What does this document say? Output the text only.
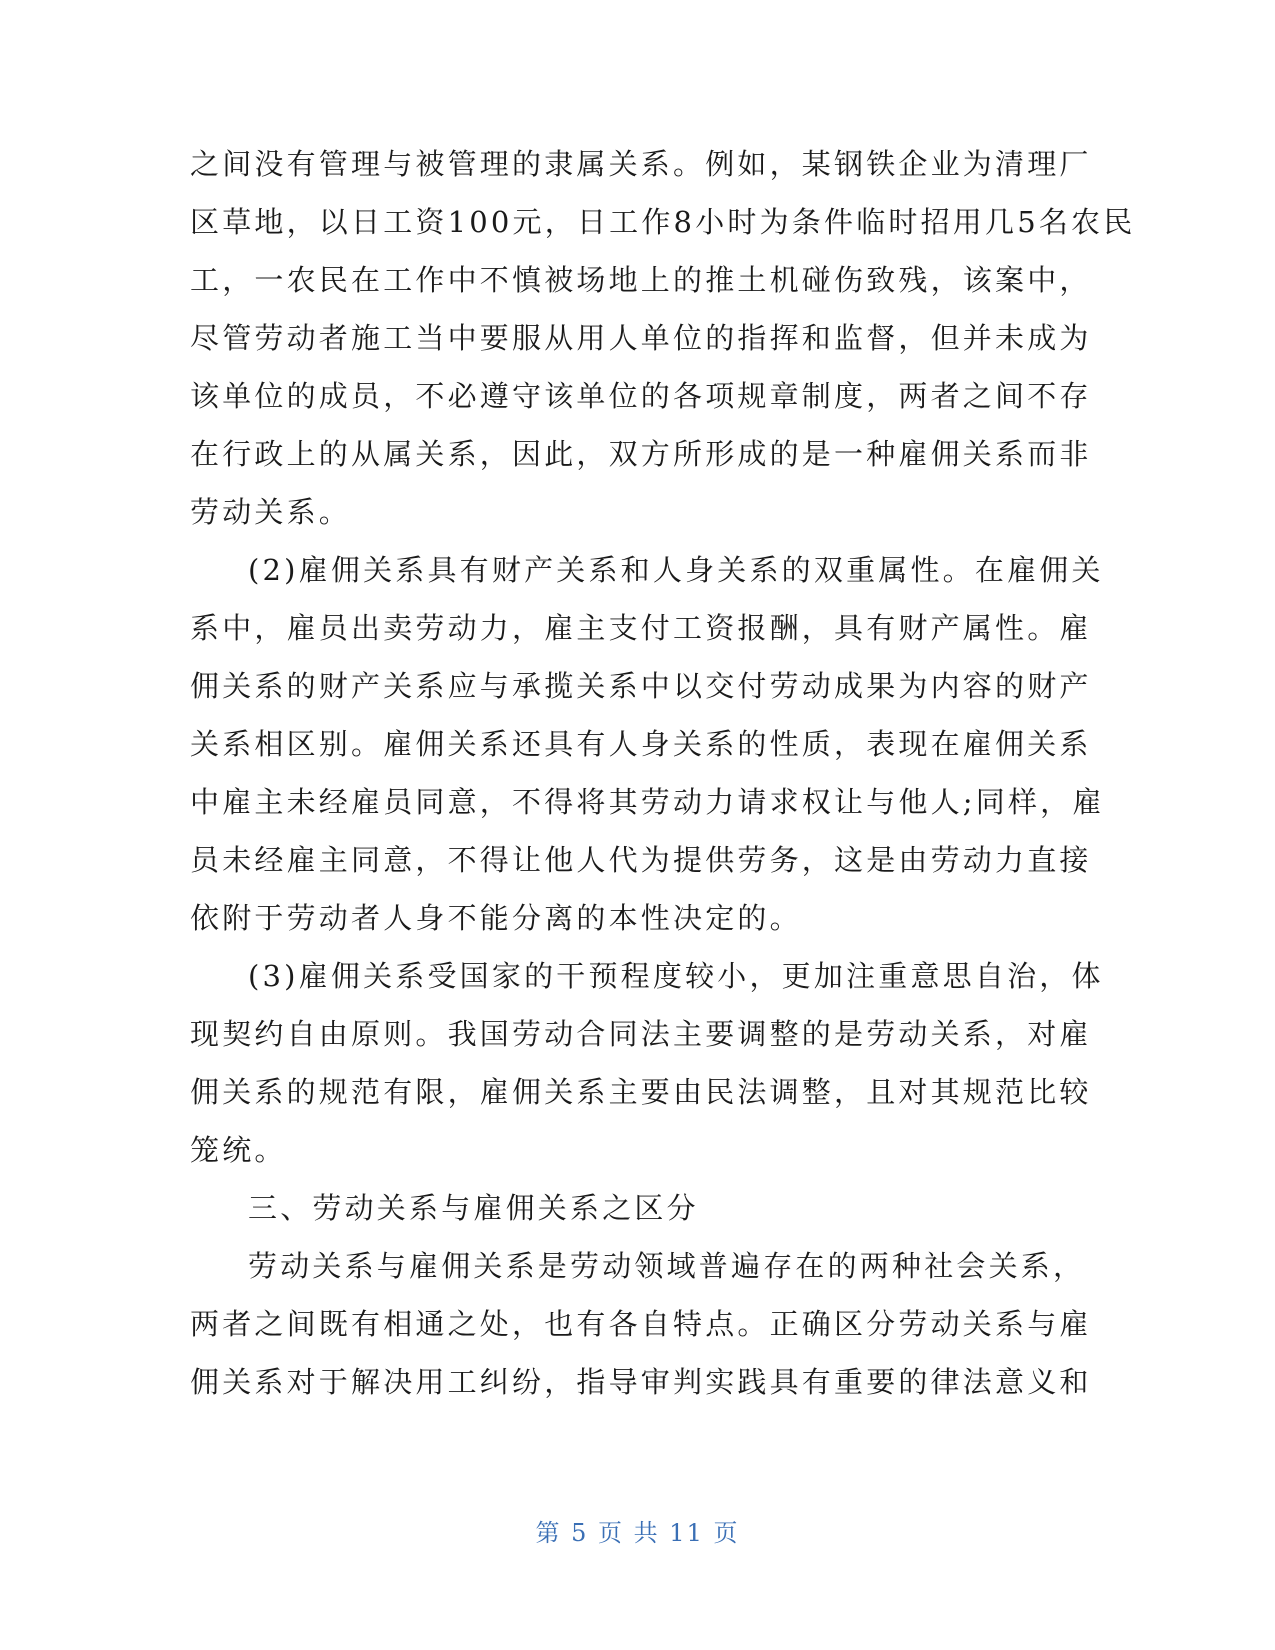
之间没有管理与被管理的隶属关系。例如，某钢铁企业为清理厂
区草地，以日工资100元，日工作8小时为条件临时招用几5名农民
工，一农民在工作中不慎被场地上的推土机碰伤致残，该案中，
尽管劳动者施工当中要服从用人单位的指挥和监督，但并未成为
该单位的成员，不必遵守该单位的各项规章制度，两者之间不存
在行政上的从属关系，因此，双方所形成的是一种雇佣关系而非
劳动关系。
(2)雇佣关系具有财产关系和人身关系的双重属性。在雇佣关
系中，雇员出卖劳动力，雇主支付工资报酬，具有财产属性。雇
佣关系的财产关系应与承揽关系中以交付劳动成果为内容的财产
关系相区别。雇佣关系还具有人身关系的性质，表现在雇佣关系
中雇主未经雇员同意，不得将其劳动力请求权让与他人;同样，雇
员未经雇主同意，不得让他人代为提供劳务，这是由劳动力直接
依附于劳动者人身不能分离的本性决定的。
(3)雇佣关系受国家的干预程度较小，更加注重意思自治，体
现契约自由原则。我国劳动合同法主要调整的是劳动关系，对雇
佣关系的规范有限，雇佣关系主要由民法调整，且对其规范比较
笼统。
三、劳动关系与雇佣关系之区分
劳动关系与雇佣关系是劳动领域普遍存在的两种社会关系，
两者之间既有相通之处，也有各自特点。正确区分劳动关系与雇
佣关系对于解决用工纠纷，指导审判实践具有重要的律法意义和
第 5 页 共 11 页
